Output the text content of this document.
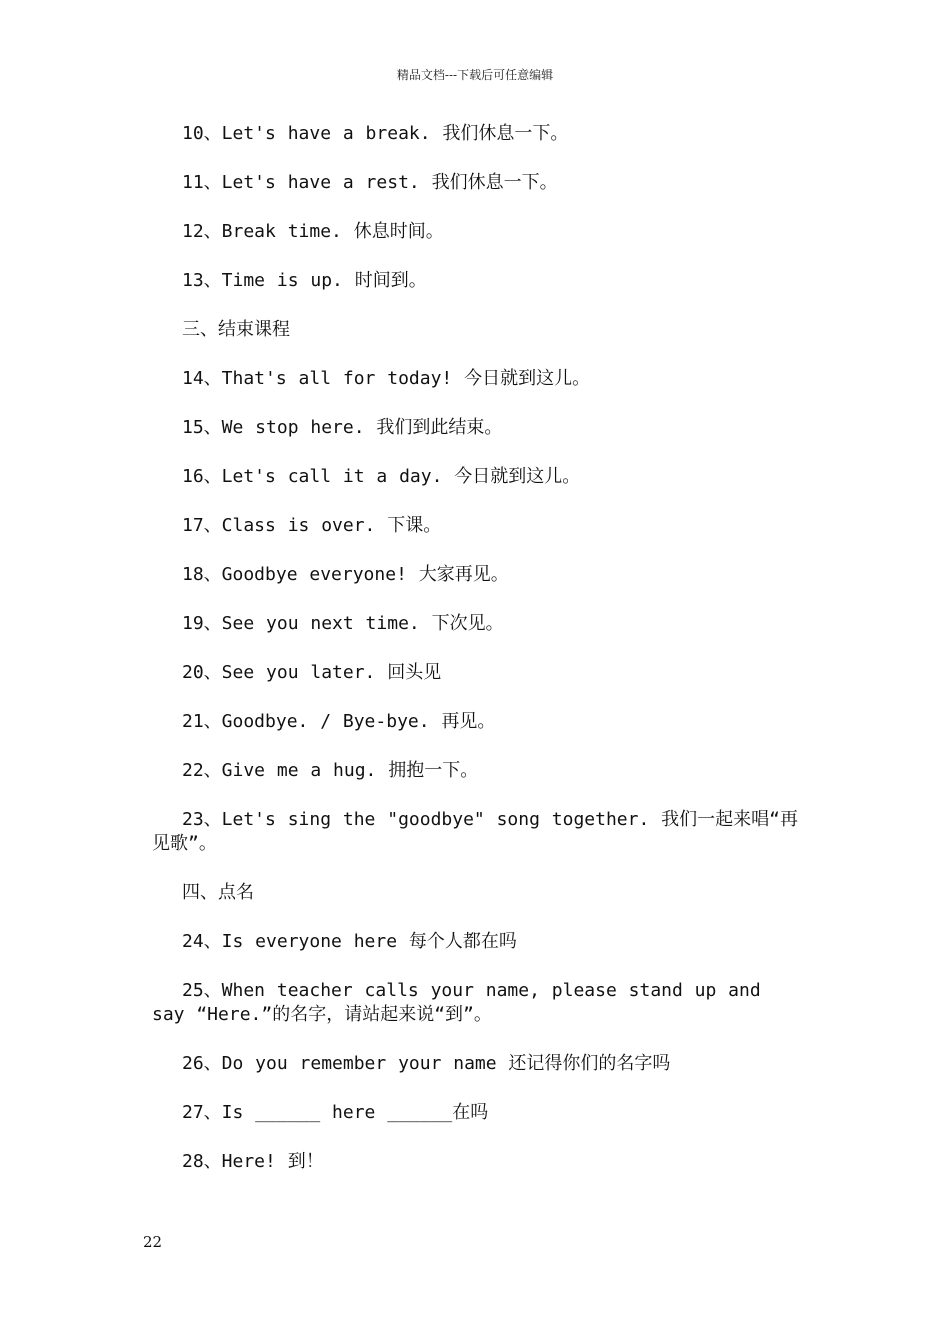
精品文档---下载后可任意编辑

10、Let's have a break. 我们休息一下。

11、Let's have a rest. 我们休息一下。

12、Break time. 休息时间。

13、Time is up. 时间到。

三、结束课程

14、That's all for today! 今日就到这儿。

15、We stop here. 我们到此结束。

16、Let's call it a day. 今日就到这儿。

17、Class is over. 下课。

18、Goodbye everyone! 大家再见。

19、See you next time. 下次见。

20、See you later. 回头见

21、Goodbye. / Bye-bye. 再见。

22、Give me a hug. 拥抱一下。

23、Let's sing the "goodbye" song together. 我们一起来唱“再见歌”。

四、点名

24、Is everyone here 每个人都在吗

25、When teacher calls your name, please stand up and say “Here.”的名字，请站起来说“到”。

26、Do you remember your name 还记得你们的名字吗

27、Is ______ here ______在吗

28、Here! 到！

22
